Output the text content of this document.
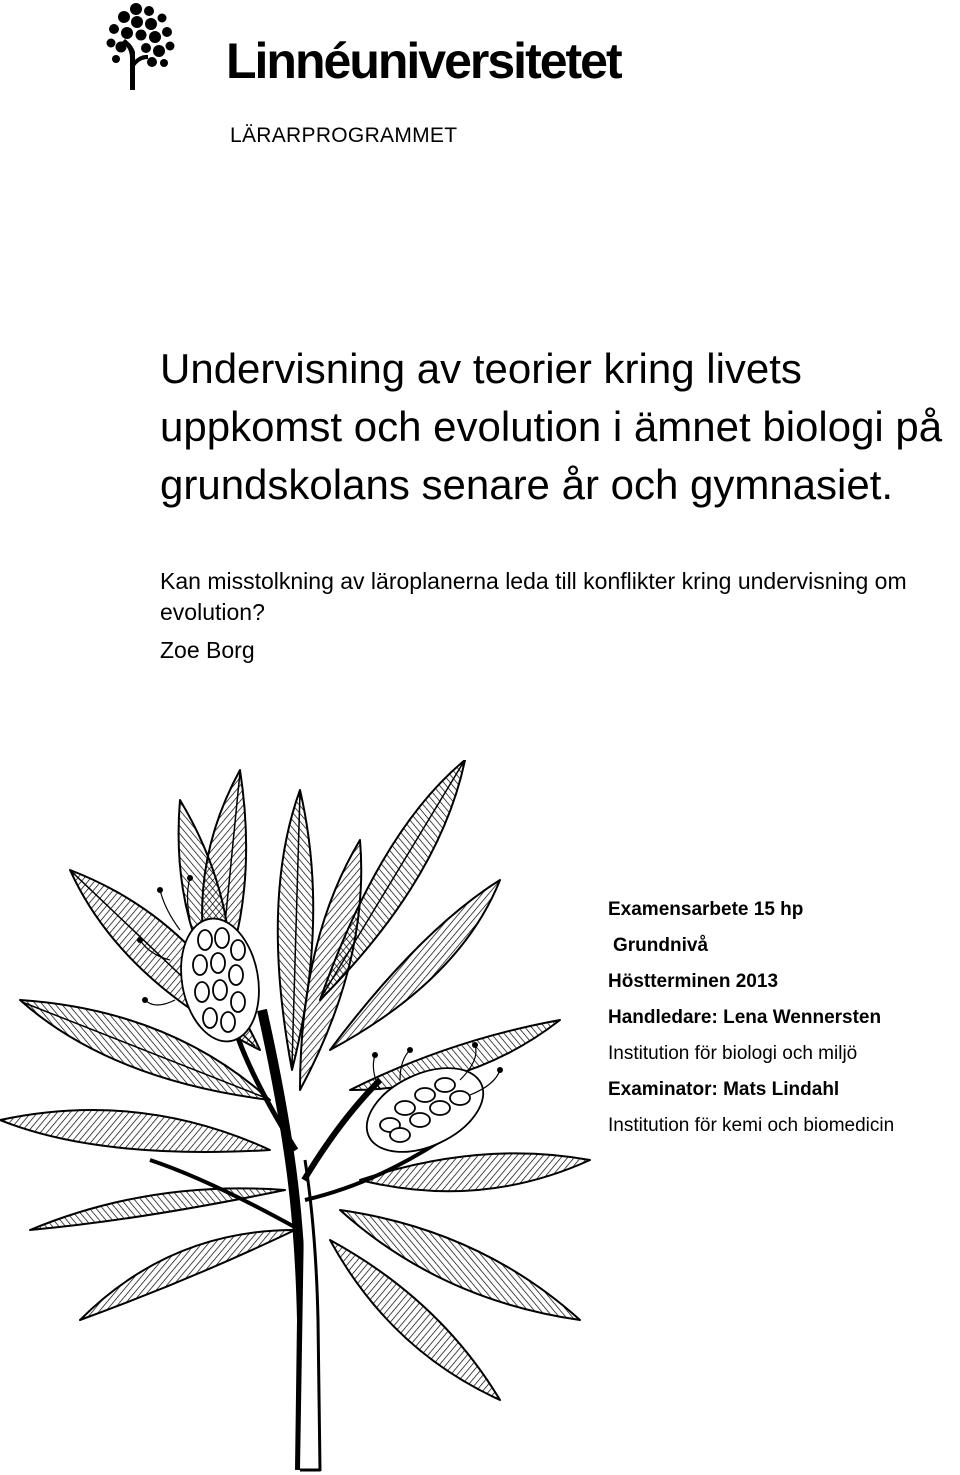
Linnéuniversitetet
LÄRARPROGRAMMET
Undervisning av teorier kring livets uppkomst och evolution i ämnet biologi på grundskolans senare år och gymnasiet.

Kan misstolkning av läroplanerna leda till konflikter kring undervisning om evolution?

Zoe Borg
Examensarbete 15 hp
Grundnivå
Höstterminen 2013
Handledare: Lena Wennersten
Institution för biologi och miljö
Examinator: Mats Lindahl
Institution för kemi och biomedicin
